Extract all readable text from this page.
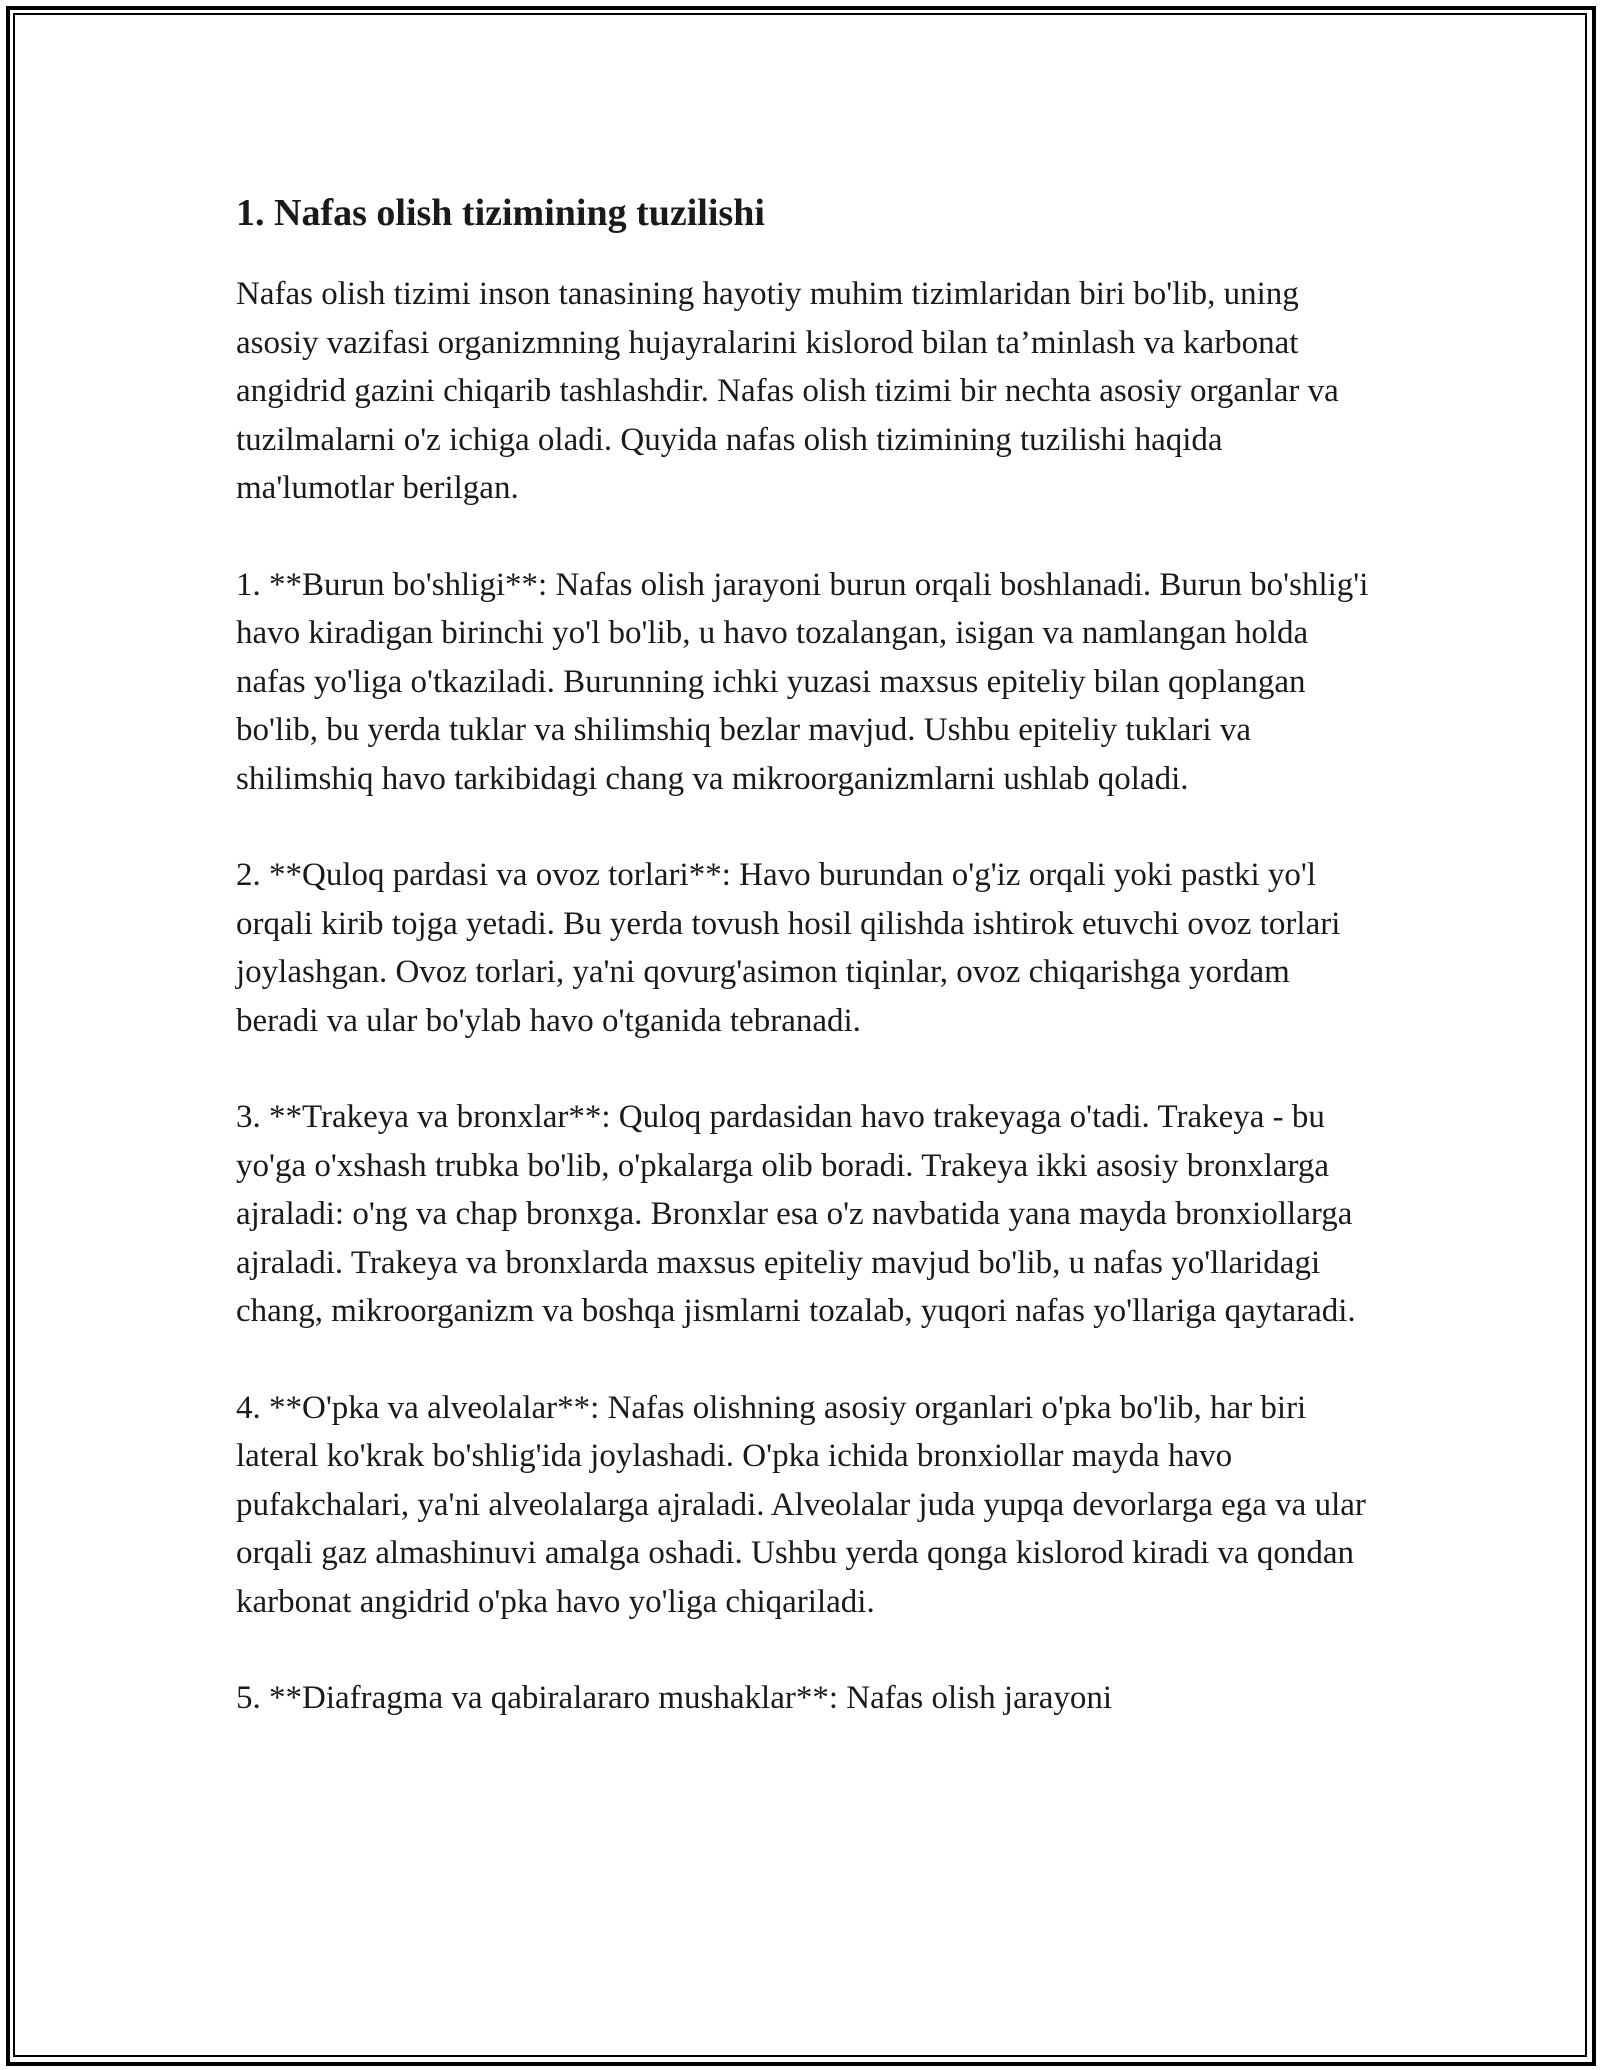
1. Nafas olish tizimining tuzilishi

Nafas olish tizimi inson tanasining hayotiy muhim tizimlaridan biri bo'lib, uning asosiy vazifasi organizmning hujayralarini kislorod bilan ta’minlash va karbonat angidrid gazini chiqarib tashlashdir. Nafas olish tizimi bir nechta asosiy organlar va tuzilmalarni o'z ichiga oladi. Quyida nafas olish tizimining tuzilishi haqida ma'lumotlar berilgan.

1. **Burun bo'shligi**: Nafas olish jarayoni burun orqali boshlanadi. Burun bo'shlig'i havo kiradigan birinchi yo'l bo'lib, u havo tozalangan, isigan va namlangan holda nafas yo'liga o'tkaziladi. Burunning ichki yuzasi maxsus epiteliy bilan qoplangan bo'lib, bu yerda tuklar va shilimshiq bezlar mavjud. Ushbu epiteliy tuklari va shilimshiq havo tarkibidagi chang va mikroorganizmlarni ushlab qoladi.

2. **Quloq pardasi va ovoz torlari**: Havo burundan o'g'iz orqali yoki pastki yo'l orqali kirib tojga yetadi. Bu yerda tovush hosil qilishda ishtirok etuvchi ovoz torlari joylashgan. Ovoz torlari, ya'ni qovurg'asimon tiqinlar, ovoz chiqarishga yordam beradi va ular bo'ylab havo o'tganida tebranadi.

3. **Trakeya va bronxlar**: Quloq pardasidan havo trakeyaga o'tadi. Trakeya - bu yo'ga o'xshash trubka bo'lib, o'pkalarga olib boradi. Trakeya ikki asosiy bronxlarga ajraladi: o'ng va chap bronxga. Bronxlar esa o'z navbatida yana mayda bronxiollarga ajraladi. Trakeya va bronxlarda maxsus epiteliy mavjud bo'lib, u nafas yo'llaridagi chang, mikroorganizm va boshqa jismlarni tozalab, yuqori nafas yo'llariga qaytaradi.

4. **O'pka va alveolalar**: Nafas olishning asosiy organlari o'pka bo'lib, har biri lateral ko'krak bo'shlig'ida joylashadi. O'pka ichida bronxiollar mayda havo pufakchalari, ya'ni alveolalarga ajraladi. Alveolalar juda yupqa devorlarga ega va ular orqali gaz almashinuvi amalga oshadi. Ushbu yerda qonga kislorod kiradi va qondan karbonat angidrid o'pka havo yo'liga chiqariladi.

5. **Diafragma va qabiralararo mushaklar**: Nafas olish jarayoni
